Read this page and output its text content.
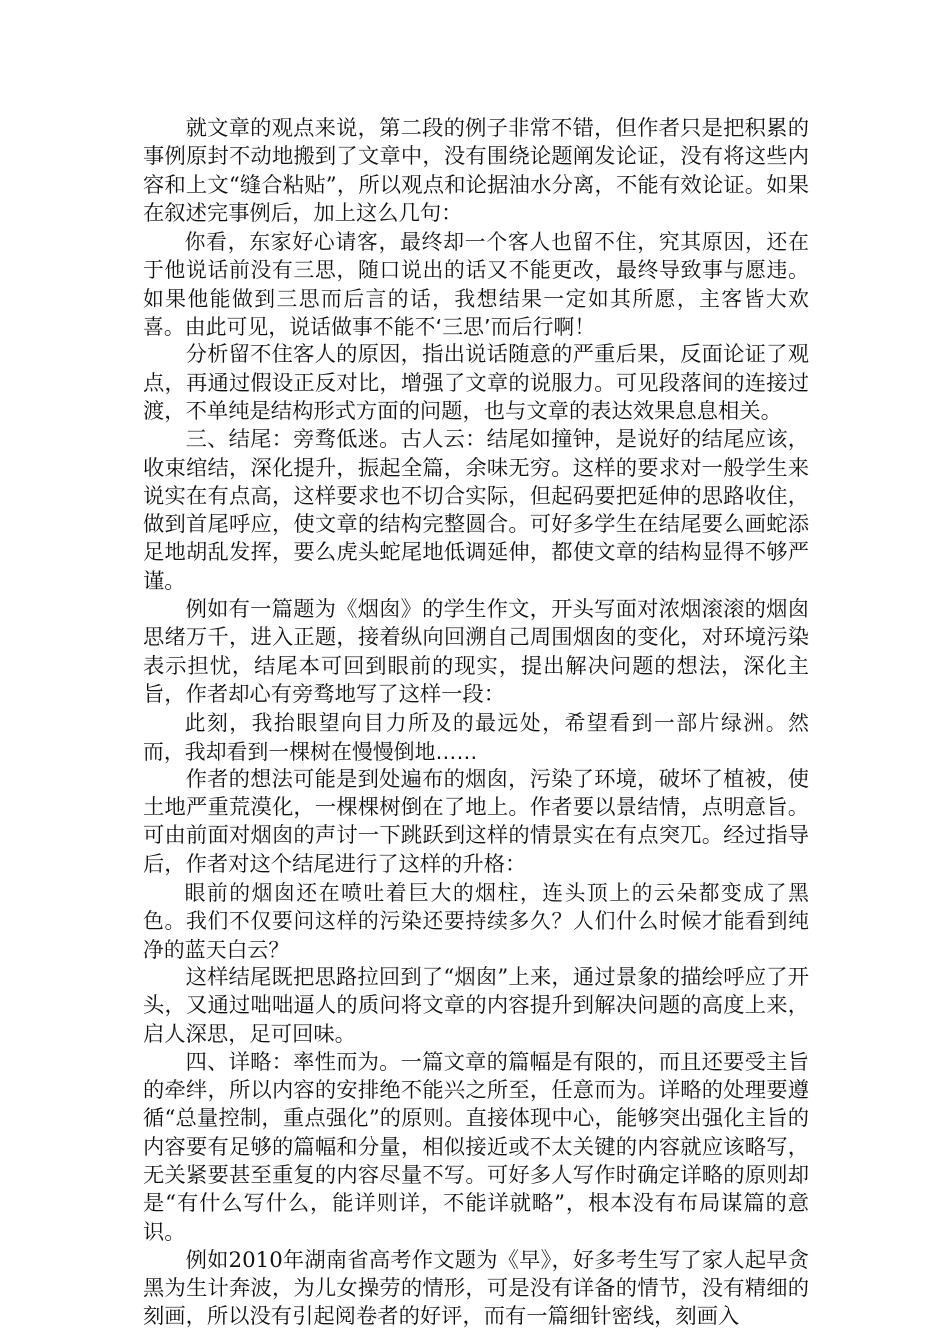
就文章的观点来说，第二段的例子非常不错，但作者只是把积累的事例原封不动地搬到了文章中，没有围绕论题阐发论证，没有将这些内容和上文“缝合粘贴”，所以观点和论据油水分离，不能有效论证。如果在叙述完事例后，加上这么几句：

你看，东家好心请客，最终却一个客人也留不住，究其原因，还在于他说话前没有三思，随口说出的话又不能更改，最终导致事与愿违。如果他能做到三思而后言的话，我想结果一定如其所愿，主客皆大欢喜。由此可见，说话做事不能不‘三思’而后行啊！

分析留不住客人的原因，指出说话随意的严重后果，反面论证了观点，再通过假设正反对比，增强了文章的说服力。可见段落间的连接过渡，不单纯是结构形式方面的问题，也与文章的表达效果息息相关。

三、结尾：旁骛低迷。古人云：结尾如撞钟，是说好的结尾应该，收束绾结，深化提升，振起全篇，余味无穷。这样的要求对一般学生来说实在有点高，这样要求也不切合实际，但起码要把延伸的思路收住，做到首尾呼应，使文章的结构完整圆合。可好多学生在结尾要么画蛇添足地胡乱发挥，要么虎头蛇尾地低调延伸，都使文章的结构显得不够严谨。

例如有一篇题为《烟囱》的学生作文，开头写面对浓烟滚滚的烟囱思绪万千，进入正题，接着纵向回溯自己周围烟囱的变化，对环境污染表示担忧，结尾本可回到眼前的现实，提出解决问题的想法，深化主旨，作者却心有旁骛地写了这样一段：

此刻，我抬眼望向目力所及的最远处，希望看到一部片绿洲。然而，我却看到一棵树在慢慢倒地……

作者的想法可能是到处遍布的烟囱，污染了环境，破坏了植被，使土地严重荒漠化，一棵棵树倒在了地上。作者要以景结情，点明意旨。可由前面对烟囱的声讨一下跳跃到这样的情景实在有点突兀。经过指导后，作者对这个结尾进行了这样的升格：

眼前的烟囱还在喷吐着巨大的烟柱，连头顶上的云朵都变成了黑色。我们不仅要问这样的污染还要持续多久？人们什么时候才能看到纯净的蓝天白云？

这样结尾既把思路拉回到了“烟囱”上来，通过景象的描绘呼应了开头，又通过咄咄逼人的质问将文章的内容提升到解决问题的高度上来，启人深思，足可回味。

四、详略：率性而为。一篇文章的篇幅是有限的，而且还要受主旨的牵绊，所以内容的安排绝不能兴之所至，任意而为。详略的处理要遵循“总量控制，重点强化”的原则。直接体现中心，能够突出强化主旨的内容要有足够的篇幅和分量，相似接近或不太关键的内容就应该略写，无关紧要甚至重复的内容尽量不写。可好多人写作时确定详略的原则却是“有什么写什么，能详则详，不能详就略”，根本没有布局谋篇的意识。

例如2010年湖南省高考作文题为《早》，好多考生写了家人起早贪黑为生计奔波，为儿女操劳的情形，可是没有详备的情节，没有精细的刻画，所以没有引起阅卷者的好评，而有一篇细针密线，刻画入
